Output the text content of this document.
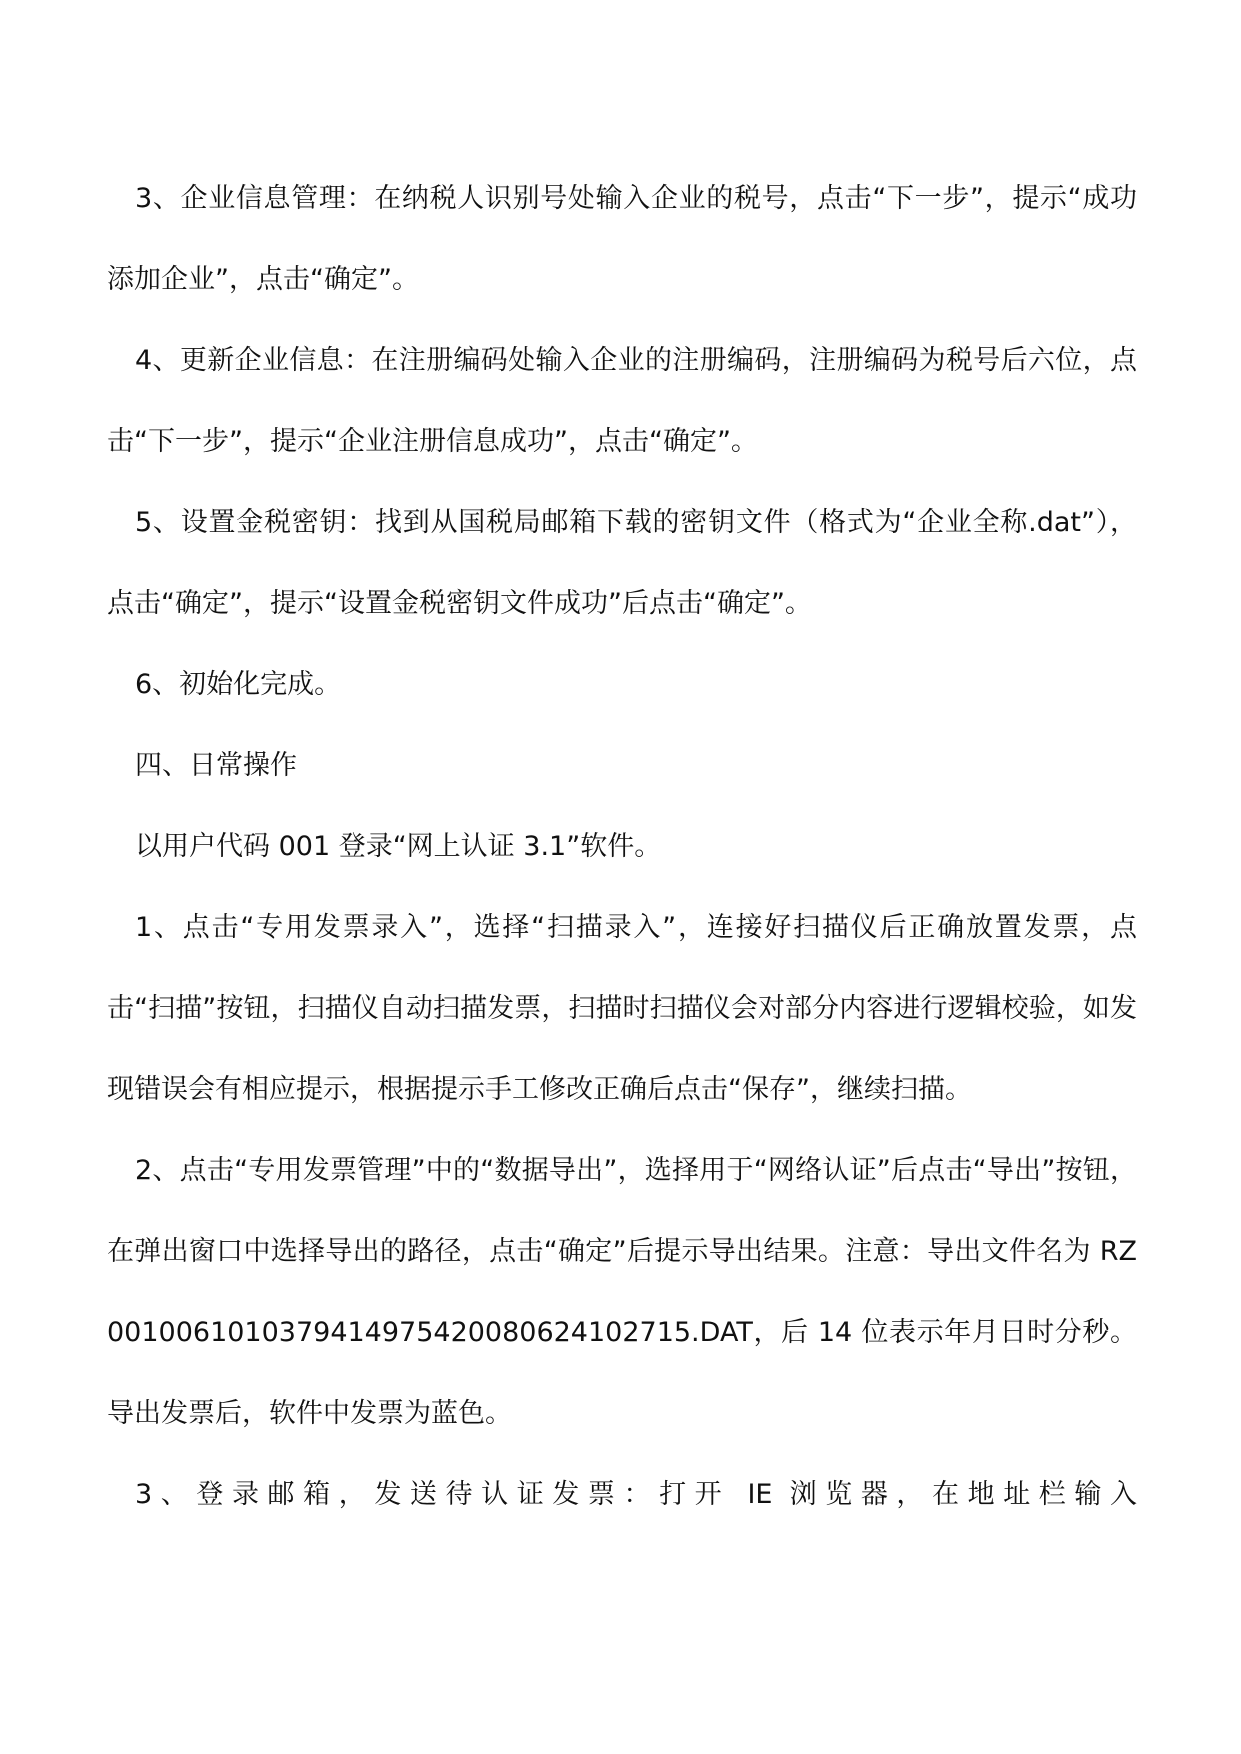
3、企业信息管理：在纳税人识别号处输入企业的税号，点击“下一步”，提示“成功添加企业”，点击“确定”。

4、更新企业信息：在注册编码处输入企业的注册编码，注册编码为税号后六位，点击“下一步”，提示“企业注册信息成功”，点击“确定”。

5、设置金税密钥：找到从国税局邮箱下载的密钥文件（格式为“企业全称.dat”），点击“确定”，提示“设置金税密钥文件成功”后点击“确定”。

6、初始化完成。

四、日常操作

以用户代码 001 登录“网上认证 3.1”软件。

1、点击“专用发票录入”，选择“扫描录入”，连接好扫描仪后正确放置发票，点击“扫描”按钮，扫描仪自动扫描发票，扫描时扫描仪会对部分内容进行逻辑校验，如发现错误会有相应提示，根据提示手工修改正确后点击“保存”，继续扫描。

2、点击“专用发票管理”中的“数据导出”，选择用于“网络认证”后点击“导出”按钮，在弹出窗口中选择导出的路径，点击“确定”后提示导出结果。注意：导出文件名为 RZ0010061010379414975420080624102715.DAT，后 14 位表示年月日时分秒。导出发票后，软件中发票为蓝色。

3、登录邮箱，发送待认证发票：打开 IE 浏览器，在地址栏输入
